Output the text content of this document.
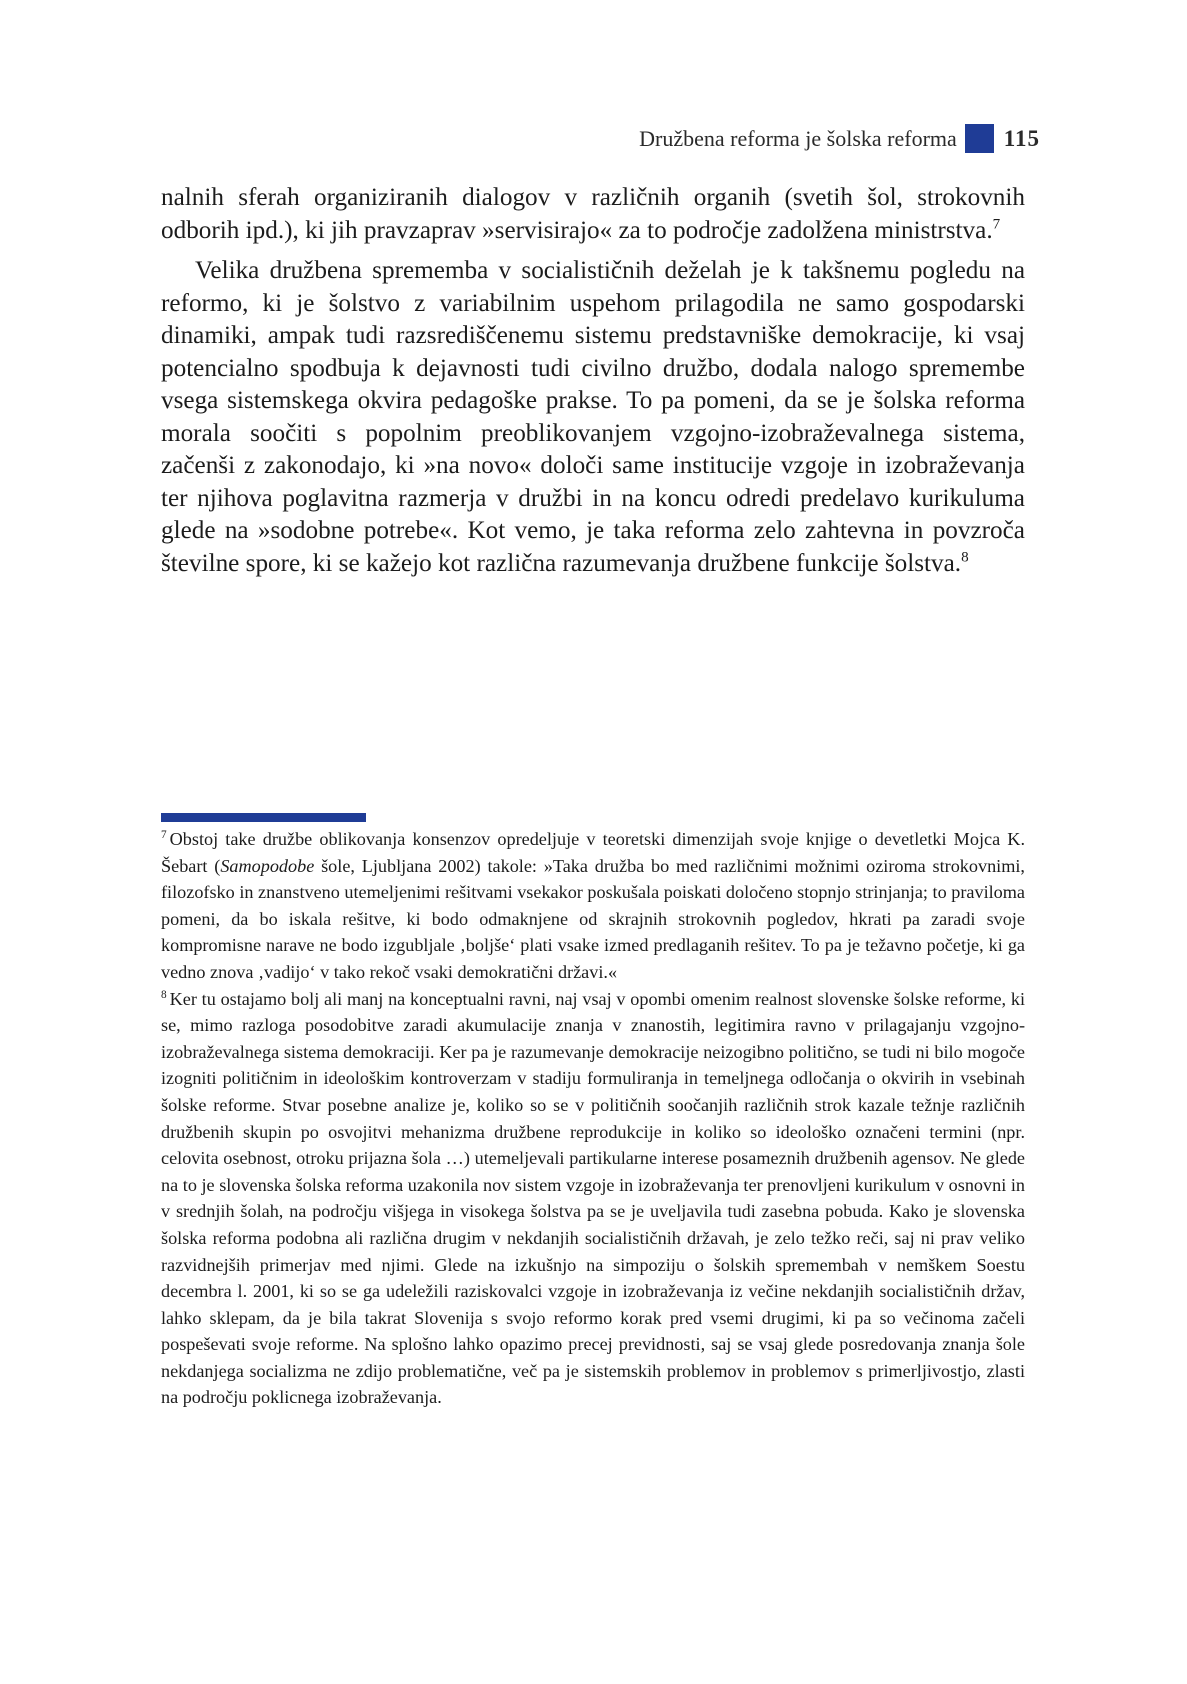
Družbena reforma je šolska reforma 115

nalnih sferah organiziranih dialogov v različnih organih (svetih šol, strokovnih odborih ipd.), ki jih pravzaprav »servisirajo« za to področje zadolžena ministrstva.$^7$

Velika družbena sprememba v socialističnih deželah je k takšnemu pogledu na reformo, ki je šolstvo z variabilnim uspehom prilagodila ne samo gospodarski dinamiki, ampak tudi razsrediščenemu sistemu predstavniške demokracije, ki vsaj potencialno spodbuja k dejavnosti tudi civilno družbo, dodala nalogo spremembe vsega sistemskega okvira pedagoške prakse. To pa pomeni, da se je šolska reforma morala soočiti s popolnim preoblikovanjem vzgojno-izobraževalnega sistema, začenši z zakonodajo, ki »na novo« določi same institucije vzgoje in izobraževanja ter njihova poglavitna razmerja v družbi in na koncu odredi predelavo kurikuluma glede na »sodobne potrebe«. Kot vemo, je taka reforma zelo zahtevna in povzroča številne spore, ki se kažejo kot različna razumevanja družbene funkcije šolstva.$^8$

$^7$ Obstoj take družbe oblikovanja konsenzov opredeljuje v teoretski dimenzijah svoje knjige o devetletki Mojca K. Šebart (Samopodobe šole, Ljubljana 2002) takole: »Taka družba bo med različnimi možnimi oziroma strokovnimi, filozofsko in znanstveno utemeljenimi rešitvami vsekakor poskušala poiskati določeno stopnjo strinjanja; to praviloma pomeni, da bo iskala rešitve, ki bodo odmaknjene od skrajnih strokovnih pogledov, hkrati pa zaradi svoje kompromisne narave ne bodo izgubljale ‚boljše‘ plati vsake izmed predlaganih rešitev. To pa je težavno početje, ki ga vedno znova ‚vadijo‘ v tako rekoč vsaki demokratični državi.«

$^8$ Ker tu ostajamo bolj ali manj na konceptualni ravni, naj vsaj v opombi omenim realnost slovenske šolske reforme, ki se, mimo razloga posodobitve zaradi akumulacije znanja v znanostih, legitimira ravno v prilagajanju vzgojno-izobraževalnega sistema demokraciji. Ker pa je razumevanje demokracije neizogibno politično, se tudi ni bilo mogoče izogniti političnim in ideološkim kontroverzam v stadiju formuliranja in temeljnega odločanja o okvirih in vsebinah šolske reforme. Stvar posebne analize je, koliko so se v političnih soočanjih različnih strok kazale težnje različnih družbenih skupin po osvojitvi mehanizma družbene reprodukcije in koliko so ideološko označeni termini (npr. celovita osebnost, otroku prijazna šola …) utemeljevali partikularne interese posameznih družbenih agensov. Ne glede na to je slovenska šolska reforma uzakonila nov sistem vzgoje in izobraževanja ter prenovljeni kurikulum v osnovni in v srednjih šolah, na področju višjega in visokega šolstva pa se je uveljavila tudi zasebna pobuda. Kako je slovenska šolska reforma podobna ali različna drugim v nekdanjih socialističnih državah, je zelo težko reči, saj ni prav veliko razvidnejših primerjav med njimi. Glede na izkušnjo na simpoziju o šolskih spremembah v nemškem Soestu decembra l. 2001, ki so se ga udeležili raziskovalci vzgoje in izobraževanja iz večine nekdanjih socialističnih držav, lahko sklepam, da je bila takrat Slovenija s svojo reformo korak pred vsemi drugimi, ki pa so večinoma začeli pospeševati svoje reforme. Na splošno lahko opazimo precej previdnosti, saj se vsaj glede posredovanja znanja šole nekdanjega socializma ne zdijo problematične, več pa je sistemskih problemov in problemov s primerljivostjo, zlasti na področju poklicnega izobraževanja.
